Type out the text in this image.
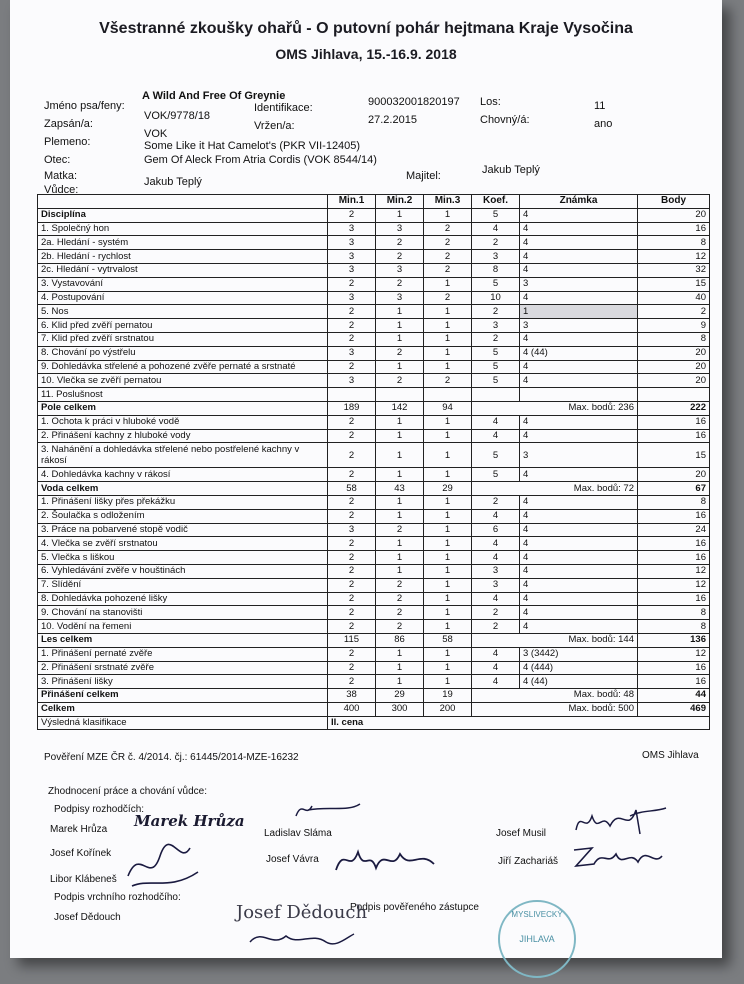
Všestranné zkoušky ohařů - O putovní pohár hejtmana Kraje Vysočina
OMS Jihlava, 15.-16.9. 2018
Jméno psa/feny:
A Wild And Free Of Greynie
Zapsán/a:
VOK/9778/18
Identifikace:	900032001820197 Los:	11
Plemeno:
VOK
Vržen/a:	27.2.2015	Chovný/á:	ano
Otec:
Some Like it Hat Camelot's (PKR VII-12405)
Matka:
Gem Of Aleck From Atria Cordis (VOK 8544/14)
Majitel:	Jakub Teplý
Vůdce:
Jakub Teplý
	Min.1	Min.2	Min.3	Koef.	Známka	Body
Disciplína	2	1	1	5	4	20
1. Společný hon	3	3	2	4	4	16
2a. Hledání - systém	3	2	2	2	4	8
2b. Hledání - rychlost	3	2	2	3	4	12
2c. Hledání - vytrvalost	3	3	2	8	4	32
3. Vystavování	2	2	1	5	3	15
4. Postupování	3	3	2	10	4	40
5. Nos	2	1	1	2	1	2
6. Klid před zvěří pernatou	2	1	1	3	3	9
7. Klid před zvěří srstnatou	2	1	1	2	4	8
8. Chování po výstřelu	3	2	1	5	4 (44)	20
9. Dohledávka střelené a pohozené zvěře pernaté a srstnaté	2	1	1	5	4	20
10. Vlečka se zvěří pernatou	3	2	2	5	4	20
11. Poslušnost						
Pole celkem	189	142	94	Max. bodů: 236		222
1. Ochota k práci v hluboké vodě	2	1	1	4	4	16
2. Přinášení kachny z hluboké vody	2	1	1	4	4	16
3. Nahánění a dohledávka střelené nebo postřelené kachny v rákosí	2	1	1	5	3	15
4. Dohledávka kachny v rákosí	2	1	1	5	4	20
Voda celkem	58	43	29	Max. bodů: 72		67
1. Přinášení lišky přes překážku	2	1	1	2	4	8
2. Šoulačka s odložením	2	1	1	4	4	16
3. Práce na pobarvené stopě vodič	3	2	1	6	4	24
4. Vlečka se zvěří srstnatou	2	1	1	4	4	16
5. Vlečka s liškou	2	1	1	4	4	16
6. Vyhledávání zvěře v houštinách	2	1	1	3	4	12
7. Slídění	2	2	1	3	4	12
8. Dohledávka pohozené lišky	2	2	1	4	4	16
9. Chování na stanovišti	2	2	1	2	4	8
10. Vodění na řemeni	2	2	1	2	4	8
Les celkem	115	86	58	Max. bodů: 144		136
1. Přinášení pernaté zvěře	2	1	1	4	3 (3442)	12
2. Přinášení srstnaté zvěře	2	1	1	4	4 (444)	16
3. Přinášení lišky	2	1	1	4	4 (44)	16
Přinášení celkem	38	29	19	Max. bodů: 48		44
Celkem	400	300	200	Max. bodů: 500		469
Výsledná klasifikace	II. cena					
Pověření MZE ČR č. 4/2014. čj.: 61445/2014-MZE-16232	OMS Jihlava
Zhodnocení práce a chování vůdce:
Podpisy rozhodčích:
Marek Hrůza	Ladislav Sláma	Josef Musil
Josef Kořínek
Josef Vávra	Jiří Zachariáš
Libor Klábeneš
Podpis vrchního rozhodčího:
Josef Dědouch
Podpis pověřeného zástupce
Marek Hrůza
Josef Dědouch	MYSLIVECKÝ
JIHLAVA
